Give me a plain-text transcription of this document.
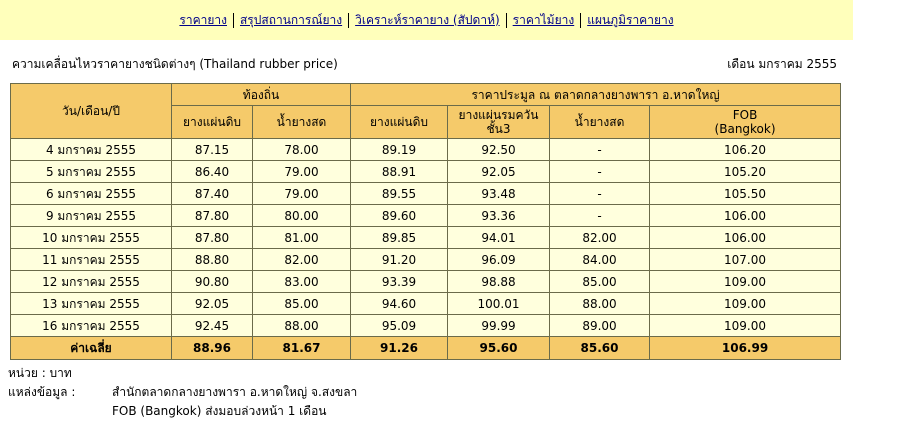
ราคายาง สรุปสถานการณ์ยาง วิเคราะห์ราคายาง (สัปดาห์) ราคาไม้ยาง แผนภูมิราคายาง
ความเคลื่อนไหวราคายางชนิดต่างๆ (Thailand rubber price)	เดือน มกราคม 2555
วัน/เดือน/ปี	ท้องถิ่น		ราคาประมูล ณ ตลาดกลางยางพารา อ.หาดใหญ่			
	ยางแผ่นดิบ	น้ำยางสด	ยางแผ่นดิบ	ยางแผ่นรมควัน ชั้น3	น้ำยางสด	FOB
(Bangkok)
4 มกราคม 2555	87.15	78.00	89.19	92.50	-	106.20
5 มกราคม 2555	86.40	79.00	88.91	92.05	-	105.20
6 มกราคม 2555	87.40	79.00	89.55	93.48	-	105.50
9 มกราคม 2555	87.80	80.00	89.60	93.36	-	106.00
10 มกราคม 2555	87.80	81.00	89.85	94.01	82.00	106.00
11 มกราคม 2555	88.80	82.00	91.20	96.09	84.00	107.00
12 มกราคม 2555	90.80	83.00	93.39	98.88	85.00	109.00
13 มกราคม 2555	92.05	85.00	94.60	100.01	88.00	109.00
16 มกราคม 2555	92.45	88.00	95.09	99.99	89.00	109.00
ค่าเฉลี่ย	88.96	81.67	91.26	95.60	85.60	106.99
หน่วย : บาท
แหล่งข้อมูล :	สำนักตลาดกลางยางพารา อ.หาดใหญ่ จ.สงขลา
FOB (Bangkok) ส่งมอบล่วงหน้า 1 เดือน
